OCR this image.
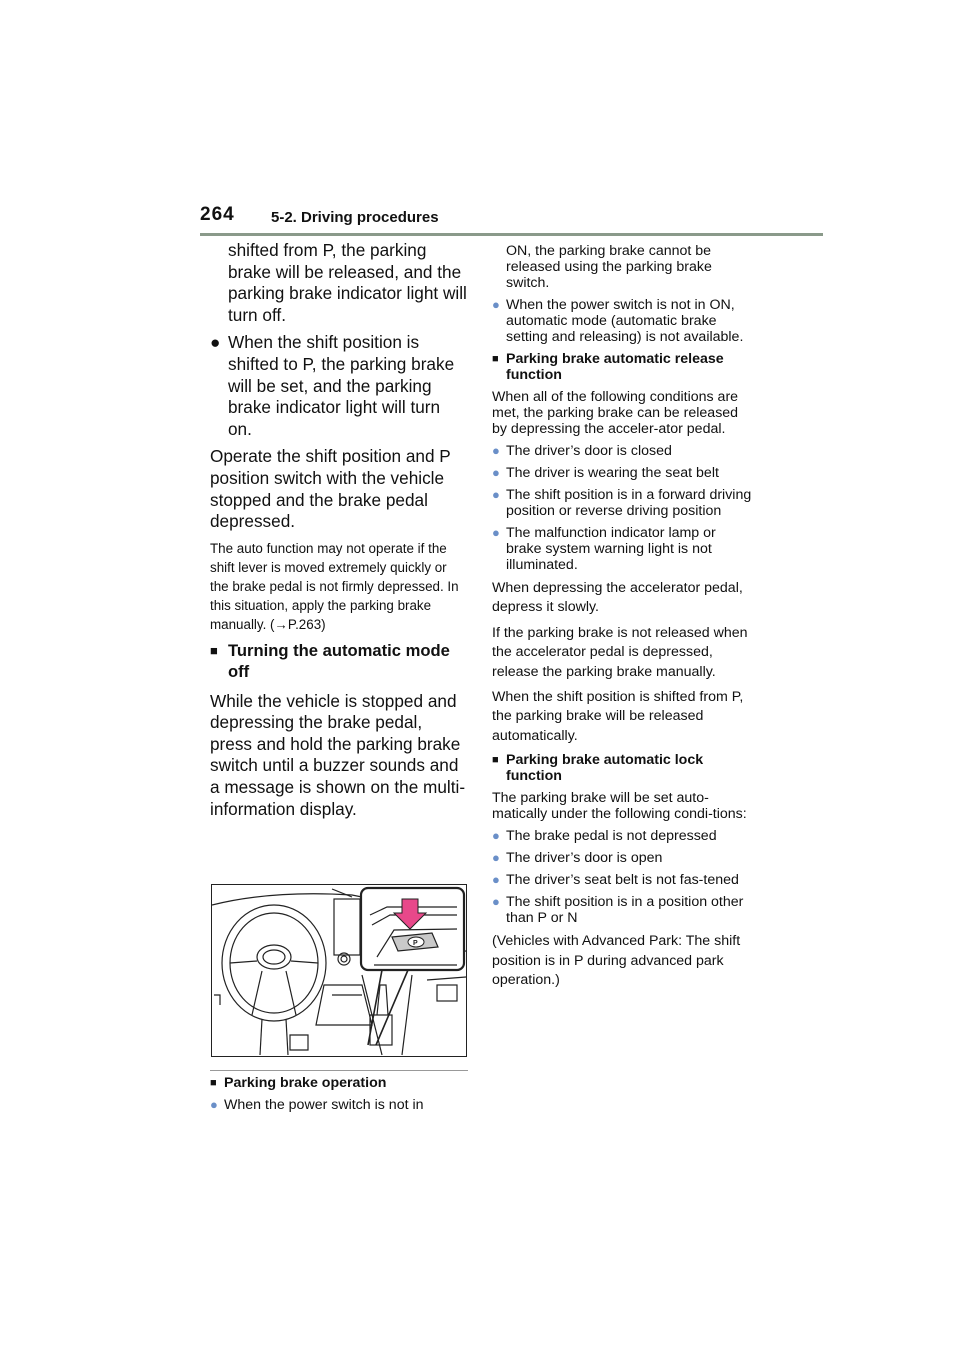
264 5-2. Driving procedures

shifted from P, the parking brake will be released, and the parking brake indicator light will turn off.

● When the shift position is shifted to P, the parking brake will be set, and the parking brake indicator light will turn on.

Operate the shift position and P position switch with the vehicle stopped and the brake pedal depressed.

The auto function may not operate if the shift lever is moved extremely quickly or the brake pedal is not firmly depressed. In this situation, apply the parking brake manually. (→P.263)

■ Turning the automatic mode off

While the vehicle is stopped and depressing the brake pedal, press and hold the parking brake switch until a buzzer sounds and a message is shown on the multi-information display.

P
■ Parking brake operation
● When the power switch is not in

ON, the parking brake cannot be released using the parking brake switch.

● When the power switch is not in ON, automatic mode (automatic brake setting and releasing) is not available.
■ Parking brake automatic release function

When all of the following conditions are met, the parking brake can be released by depressing the acceler-ator pedal.

● The driver’s door is closed
● The driver is wearing the seat belt
● The shift position is in a forward driving position or reverse driving position
● The malfunction indicator lamp or brake system warning light is not illuminated.

When depressing the accelerator pedal, depress it slowly.

If the parking brake is not released when the accelerator pedal is depressed, release the parking brake manually.

When the shift position is shifted from P, the parking brake will be released automatically.

■ Parking brake automatic lock function

The parking brake will be set auto-matically under the following condi-tions:

● The brake pedal is not depressed
● The driver’s door is open
● The driver’s seat belt is not fas-tened
● The shift position is in a position other than P or N

(Vehicles with Advanced Park: The shift position is in P during advanced park operation.)
